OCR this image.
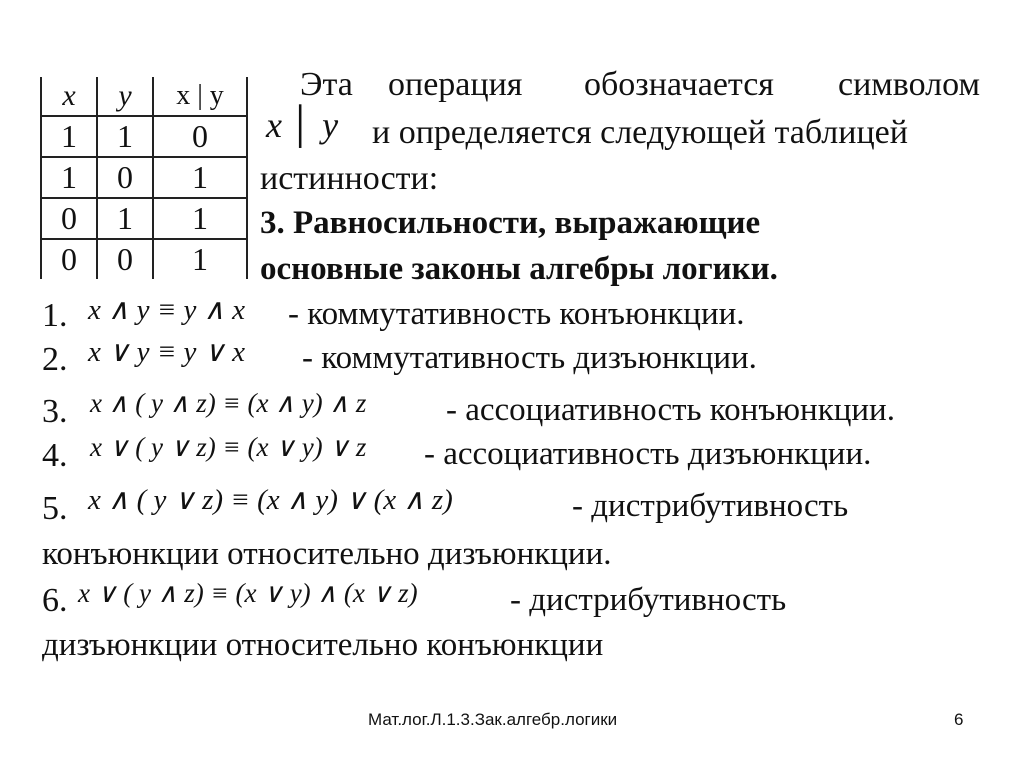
x	y	x | y
1	1	0
1	0	1
0	1	1
0	0	1
Эта операция обозначается символом
x │ y и определяется следующей таблицей
истинности:
3. Равносильности, выражающие
основные законы алгебры логики.
1. x ∧ y ≡ y ∧ x - коммутативность конъюнкции.
2. x ∨ y ≡ y ∨ x - коммутативность дизъюнкции.
3. x ∧ ( y ∧ z) ≡ (x ∧ y) ∧ z - ассоциативность конъюнкции.
4. x ∨ ( y ∨ z) ≡ (x ∨ y) ∨ z - ассоциативность дизъюнкции.
5. x ∧ ( y ∨ z) ≡ (x ∧ y) ∨ (x ∧ z)	- дистрибутивность
конъюнкции относительно дизъюнкции.
6. x ∨ ( y ∧ z) ≡ (x ∨ y) ∧ (x ∨ z)	- дистрибутивность
дизъюнкции относительно конъюнкции
Мат.лог.Л.1.3.Зак.алгебр.логики	6
